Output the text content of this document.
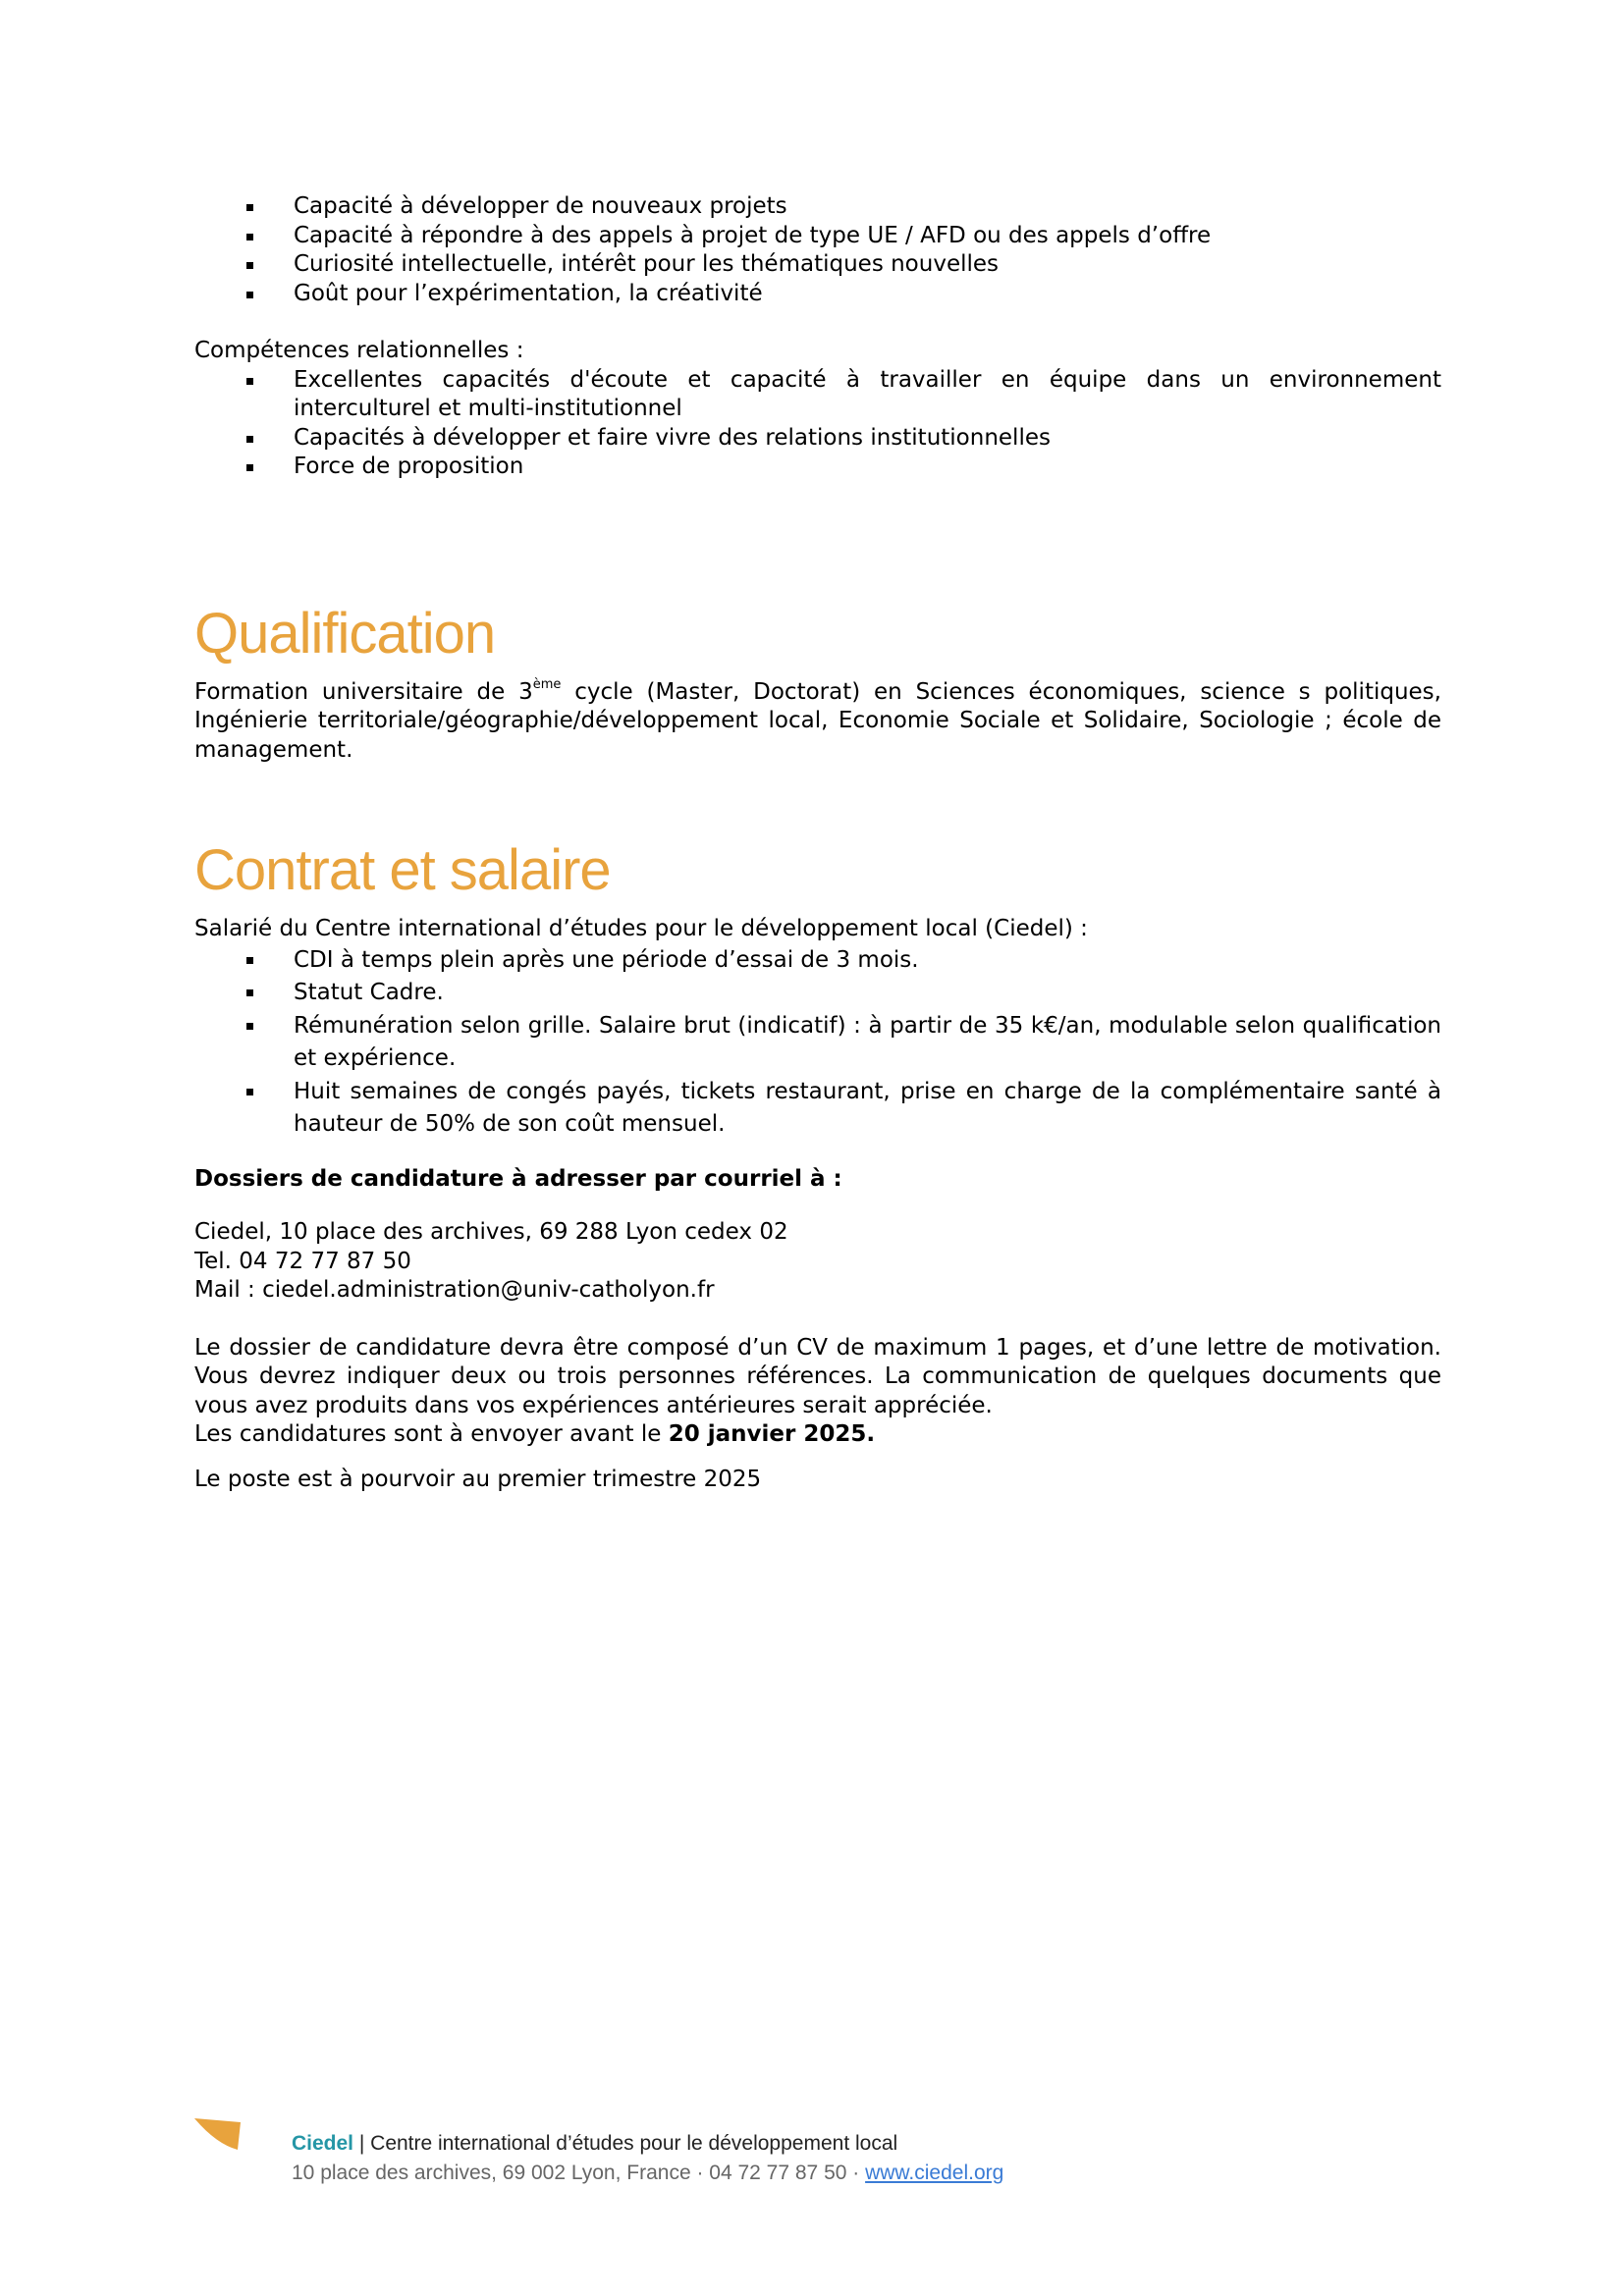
Capacité à développer de nouveaux projets
Capacité à répondre à des appels à projet de type UE / AFD ou des appels d’offre
Curiosité intellectuelle, intérêt pour les thématiques nouvelles
Goût pour l’expérimentation, la créativité

Compétences relationnelles :

Excellentes capacités d'écoute et capacité à travailler en équipe dans un environnement interculturel et multi-institutionnel
Capacités à développer et faire vivre des relations institutionnelles
Force de proposition
Qualification

Formation universitaire de 3ème cycle (Master, Doctorat) en Sciences économiques, science s politiques, Ingénierie territoriale/géographie/développement local, Economie Sociale et Solidaire, Sociologie ; école de management.

Contrat et salaire

Salarié du Centre international d’études pour le développement local (Ciedel) :

CDI à temps plein après une période d’essai de 3 mois.
Statut Cadre.
Rémunération selon grille. Salaire brut (indicatif) : à partir de 35 k€/an, modulable selon qualification et expérience.
Huit semaines de congés payés, tickets restaurant, prise en charge de la complémentaire santé à hauteur de 50% de son coût mensuel.

Dossiers de candidature à adresser par courriel à :

Ciedel, 10 place des archives, 69 288 Lyon cedex 02

Tel. 04 72 77 87 50

Mail : ciedel.administration@univ-catholyon.fr

Le dossier de candidature devra être composé d’un CV de maximum 1 pages, et d’une lettre de motivation. Vous devrez indiquer deux ou trois personnes références. La communication de quelques documents que vous avez produits dans vos expériences antérieures serait appréciée.

Les candidatures sont à envoyer avant le 20 janvier 2025.

Le poste est à pourvoir au premier trimestre 2025

Ciedel | Centre international d’études pour le développement local
10 place des archives, 69 002 Lyon, France · 04 72 77 87 50 · www.ciedel.org
